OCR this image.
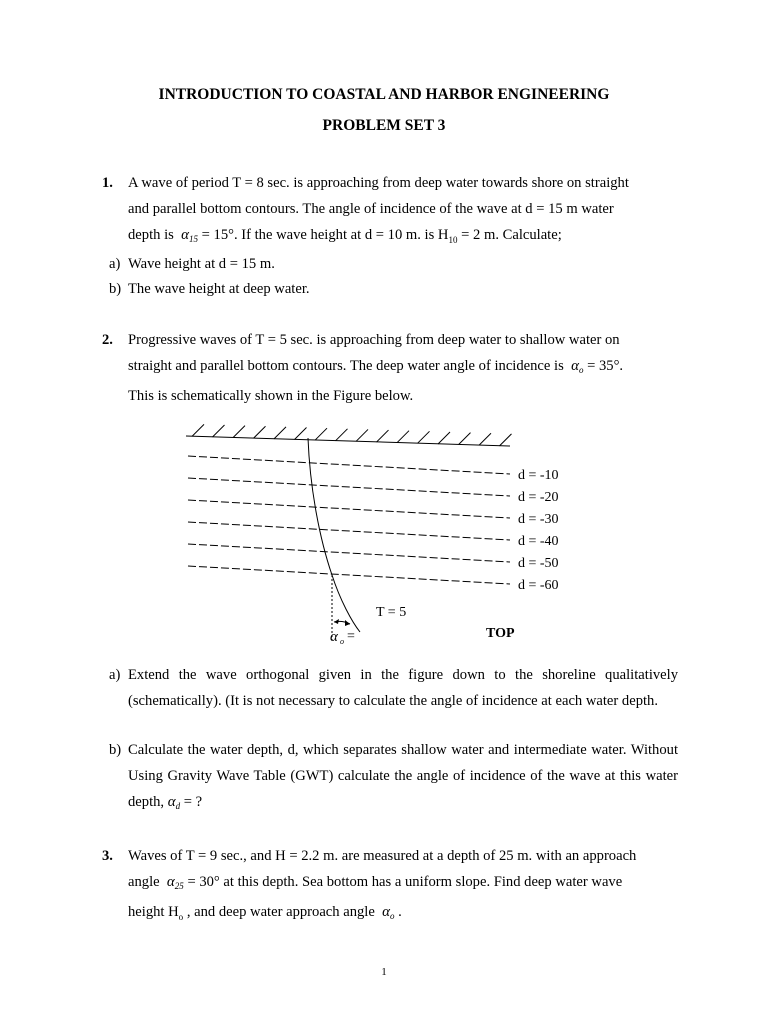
INTRODUCTION TO COASTAL AND HARBOR ENGINEERING
PROBLEM SET 3
1. A wave of period T = 8 sec. is approaching from deep water towards shore on straight
and parallel bottom contours. The angle of incidence of the wave at d = 15 m water
depth is $\alpha_{15} = 15^\circ$. If the wave height at d = 10 m. is $H_{10} = 2$ m. Calculate;
a) Wave height at d = 15 m.
b) The wave height at deep water.
2. Progressive waves of T = 5 sec. is approaching from deep water to shallow water on
straight and parallel bottom contours. The deep water angle of incidence is $\alpha_o = 35^\circ$.
This is schematically shown in the Figure below.
d = -10
d = -20
d = -30
d = -40
d = -50
d = -60
T = 5
α o =	TOP
a) Extend the wave orthogonal given in the figure down to the shoreline qualitatively (schematically). (It is not necessary to calculate the angle of incidence at each water depth.
b) Calculate the water depth, d, which separates shallow water and intermediate water. Without Using Gravity Wave Table (GWT) calculate the angle of incidence of the wave at this water depth, $\alpha_d$ = ?
3. Waves of T = 9 sec., and H = 2.2 m. are measured at a depth of 25 m. with an approach
angle $\alpha_{25} = 30^\circ$ at this depth. Sea bottom has a uniform slope. Find deep water wave
height $H_o$ , and deep water approach angle $\alpha_o$ .
1
